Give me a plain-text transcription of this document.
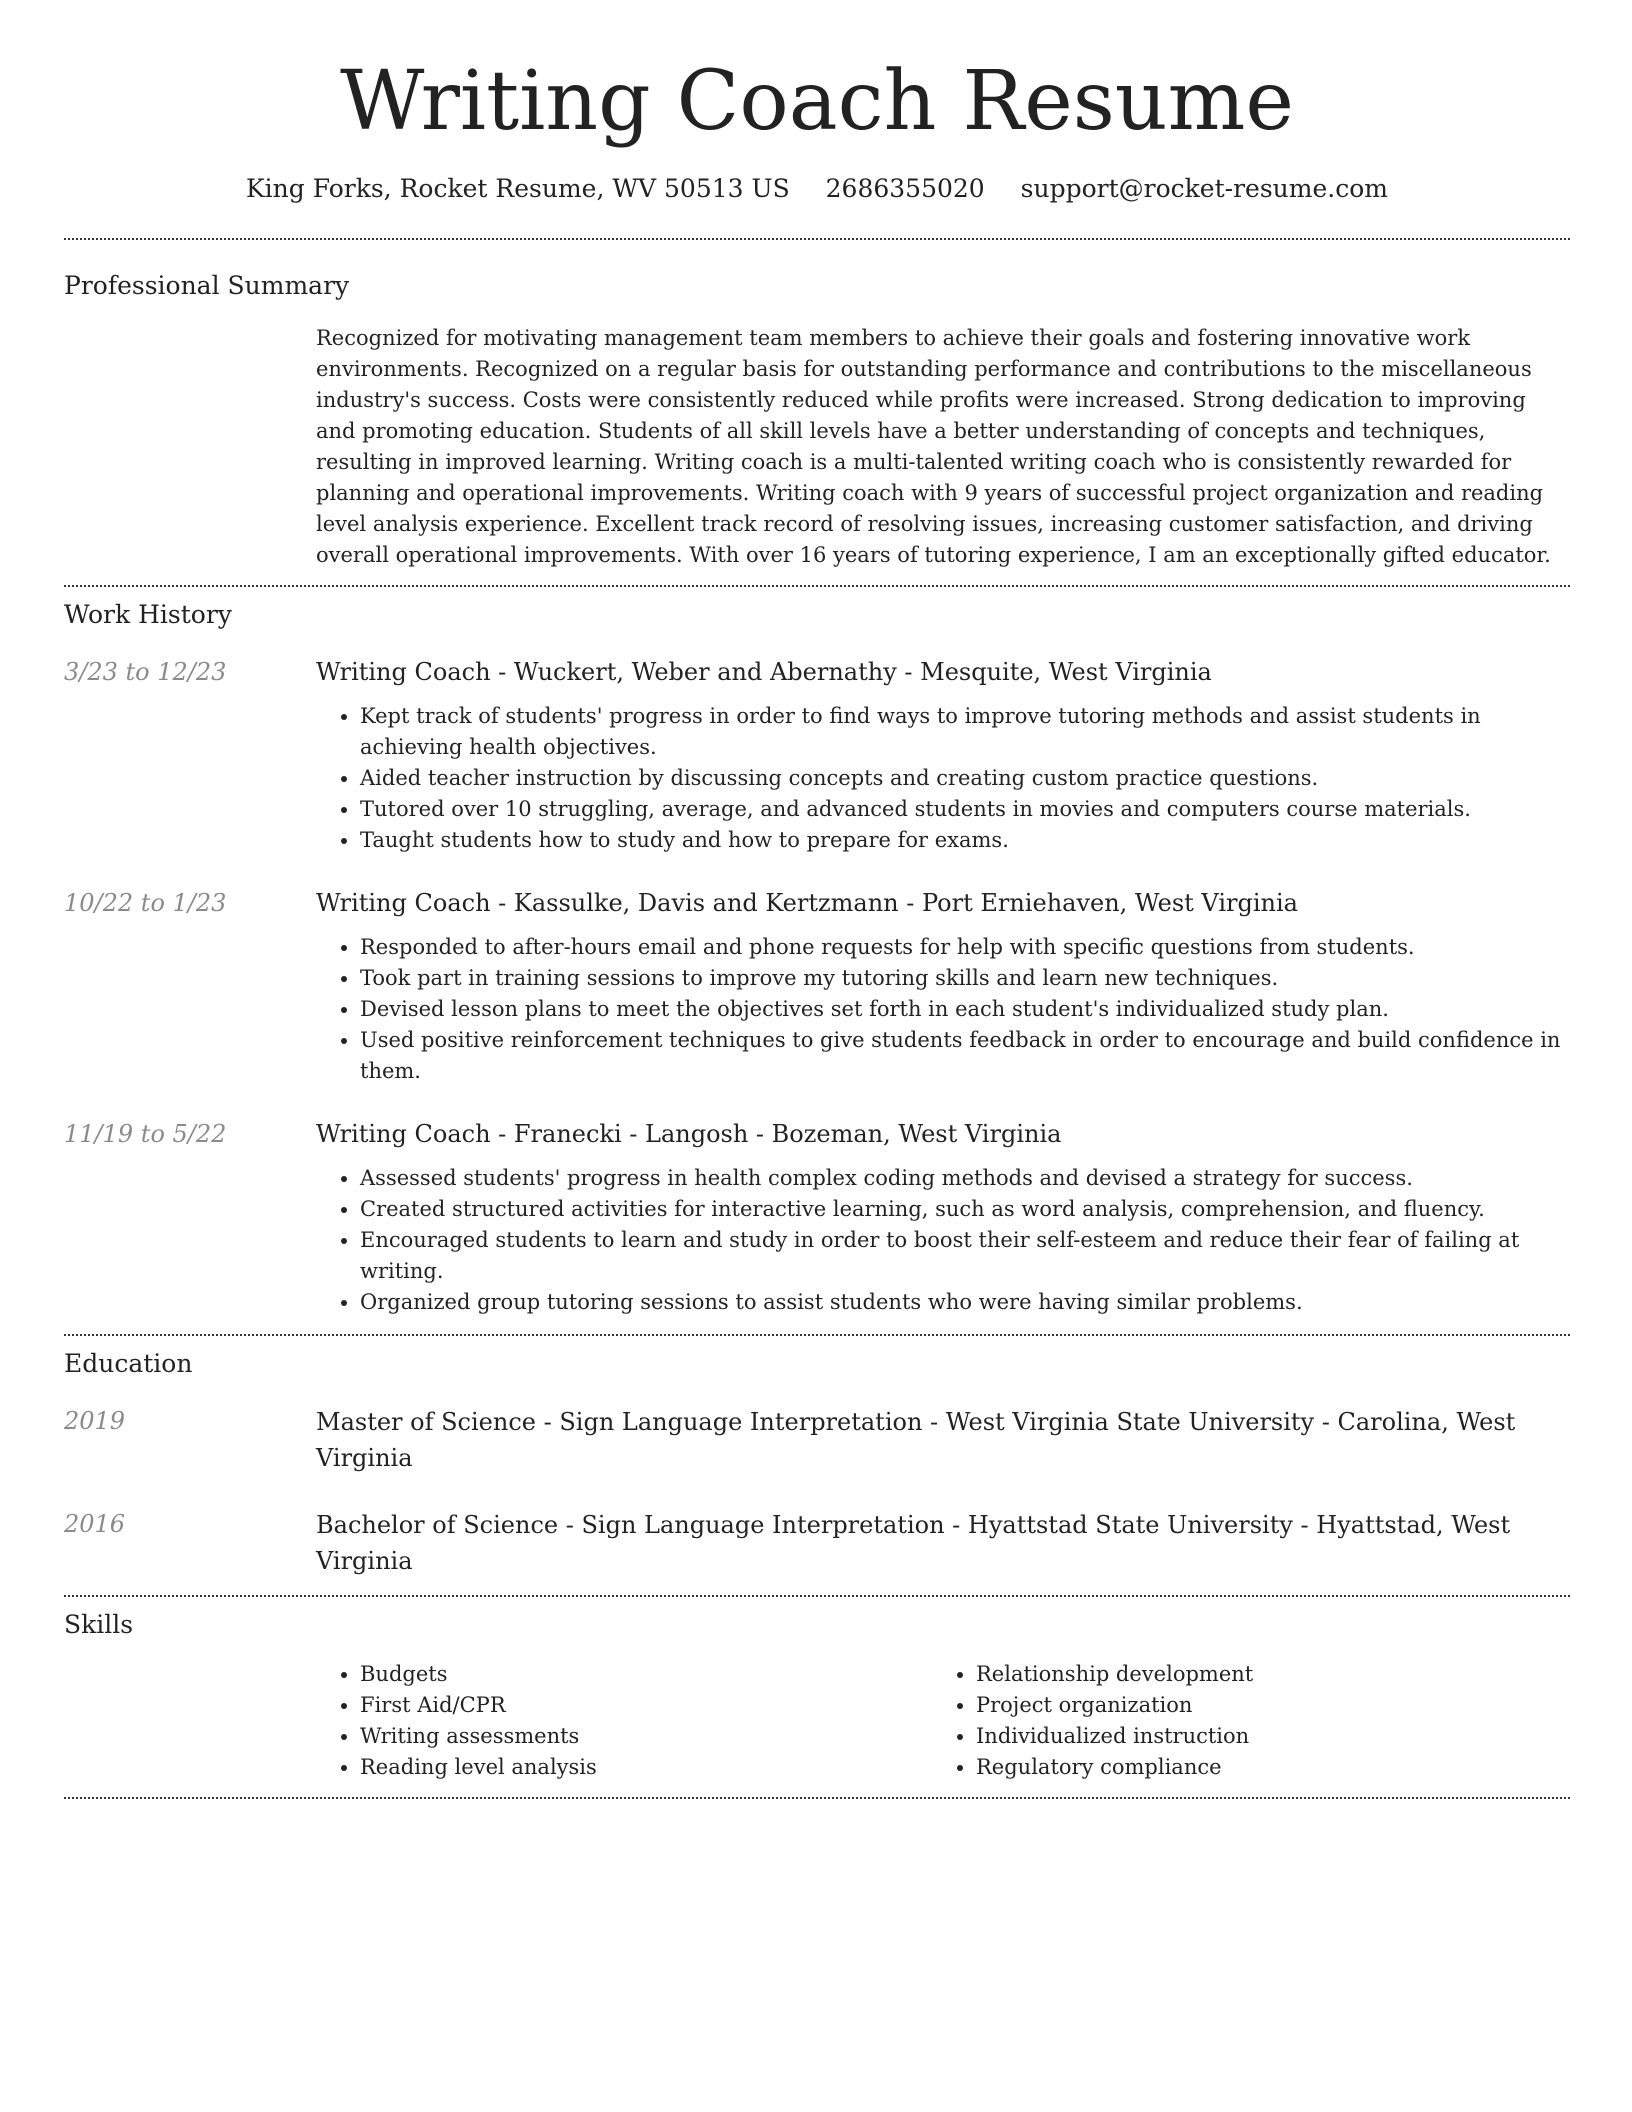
Writing Coach Resume
King Forks, Rocket Resume, WV 50513 US 2686355020 support@rocket-resume.com
Professional Summary

Recognized for motivating management team members to achieve their goals and fostering innovative work environments. Recognized on a regular basis for outstanding performance and contributions to the miscellaneous industry's success. Costs were consistently reduced while profits were increased. Strong dedication to improving and promoting education. Students of all skill levels have a better understanding of concepts and techniques, resulting in improved learning. Writing coach is a multi-talented writing coach who is consistently rewarded for planning and operational improvements. Writing coach with 9 years of successful project organization and reading level analysis experience. Excellent track record of resolving issues, increasing customer satisfaction, and driving overall operational improvements. With over 16 years of tutoring experience, I am an exceptionally gifted educator.

Work History
3/23 to 12/23	Writing Coach - Wuckert, Weber and Abernathy - Mesquite, West Virginia

• Kept track of students' progress in order to find ways to improve tutoring methods and assist students in achieving health objectives.
• Aided teacher instruction by discussing concepts and creating custom practice questions.
• Tutored over 10 struggling, average, and advanced students in movies and computers course materials.
• Taught students how to study and how to prepare for exams.
10/22 to 1/23	Writing Coach - Kassulke, Davis and Kertzmann - Port Erniehaven, West Virginia

• Responded to after-hours email and phone requests for help with specific questions from students.
• Took part in training sessions to improve my tutoring skills and learn new techniques.
• Devised lesson plans to meet the objectives set forth in each student's individualized study plan.
• Used positive reinforcement techniques to give students feedback in order to encourage and build confidence in them.
11/19 to 5/22	Writing Coach - Franecki - Langosh - Bozeman, West Virginia

• Assessed students' progress in health complex coding methods and devised a strategy for success.
• Created structured activities for interactive learning, such as word analysis, comprehension, and fluency.
• Encouraged students to learn and study in order to boost their self-esteem and reduce their fear of failing at writing.
• Organized group tutoring sessions to assist students who were having similar problems.
Education
2019	Master of Science - Sign Language Interpretation - West Virginia State University - Carolina, West Virginia

2016	Bachelor of Science - Sign Language Interpretation - Hyattstad State University - Hyattstad, West Virginia

Skills
• Budgets
• First Aid/CPR
• Writing assessments
• Reading level analysis
• Relationship development
• Project organization
• Individualized instruction
• Regulatory compliance
